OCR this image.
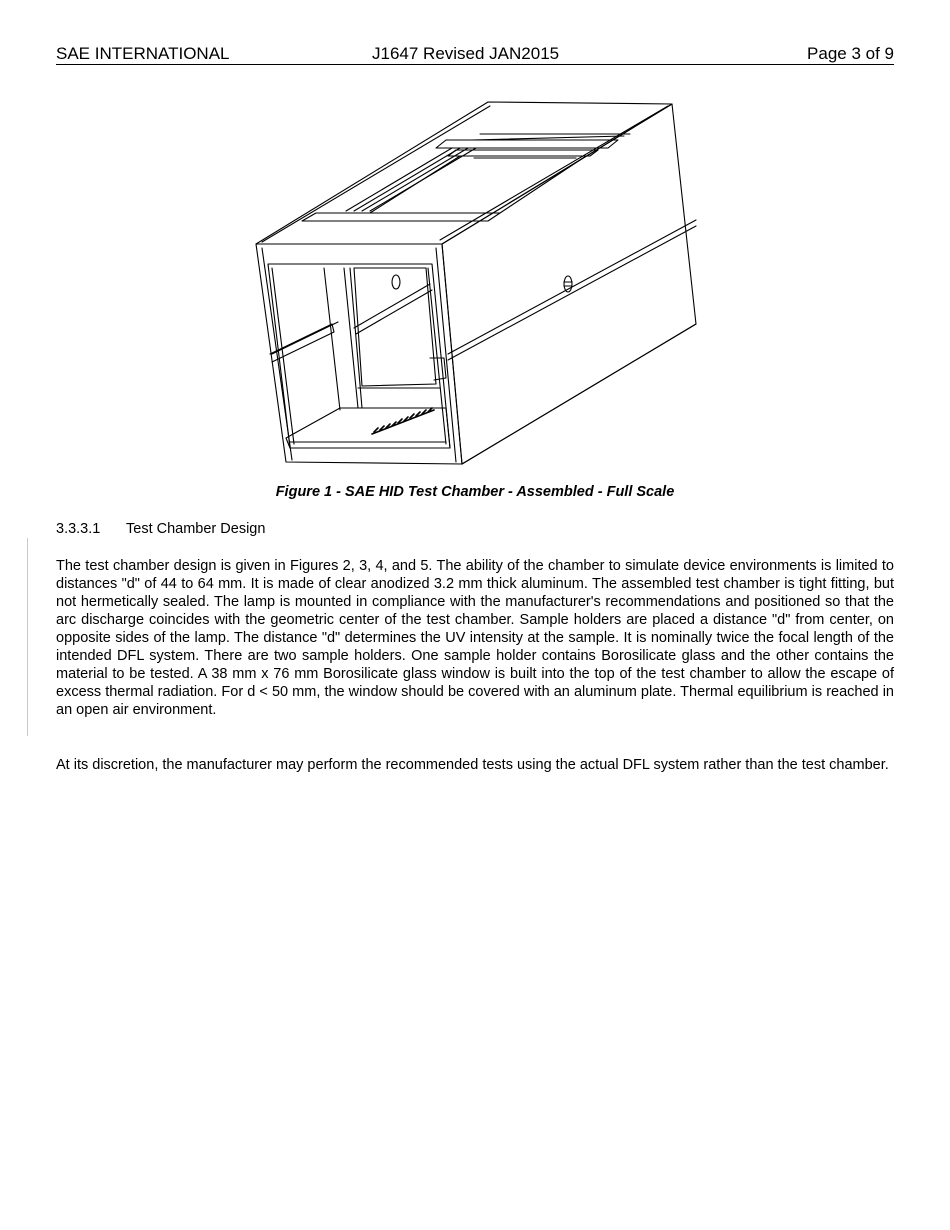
SAE INTERNATIONAL	J1647 Revised JAN2015	Page 3 of 9
Figure 1 - SAE HID Test Chamber - Assembled - Full Scale
3.3.3.1 Test Chamber Design

The test chamber design is given in Figures 2, 3, 4, and 5. The ability of the chamber to simulate device environments is limited to distances "d" of 44 to 64 mm. It is made of clear anodized 3.2 mm thick aluminum. The assembled test chamber is tight fitting, but not hermetically sealed. The lamp is mounted in compliance with the manufacturer's recommendations and positioned so that the arc discharge coincides with the geometric center of the test chamber. Sample holders are placed a distance "d" from center, on opposite sides of the lamp. The distance "d" determines the UV intensity at the sample. It is nominally twice the focal length of the intended DFL system. There are two sample holders. One sample holder contains Borosilicate glass and the other contains the material to be tested. A 38 mm x 76 mm Borosilicate glass window is built into the top of the test chamber to allow the escape of excess thermal radiation. For d < 50 mm, the window should be covered with an aluminum plate. Thermal equilibrium is reached in an open air environment.

At its discretion, the manufacturer may perform the recommended tests using the actual DFL system rather than the test chamber.
